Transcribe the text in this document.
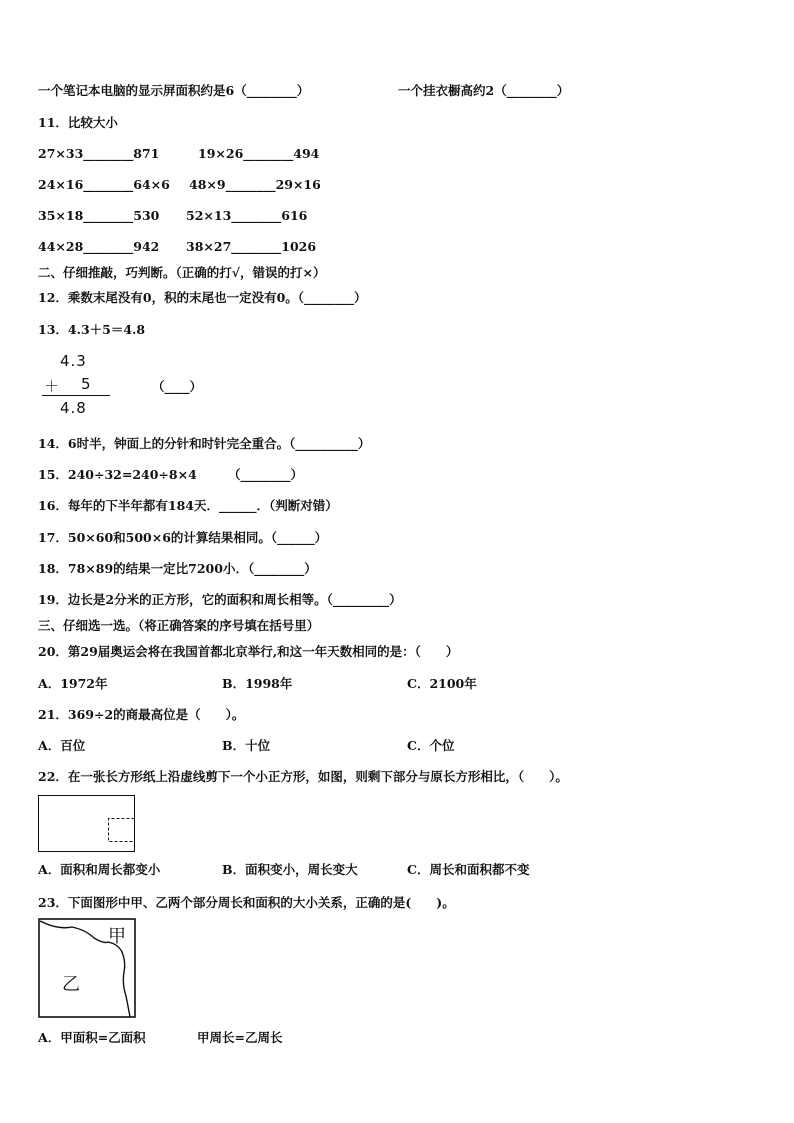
一个笔记本电脑的显示屏面积约是6（________）	一个挂衣橱高约2（________）
11．比较大小
27×33________871	19×26________494
24×16________64×6 48×9________29×16
35×18________530 52×13________616
44×28________942 38×27________1026
二、仔细推敲，巧判断。（正确的打√，错误的打×）
12．乘数末尾没有0，积的末尾也一定没有0。（________）
13．4.3＋5＝4.8
4.3
＋ 5
4.8
（____）
14．6时半，钟面上的分针和时针完全重合。（__________）
15．240÷32=240÷8×4　　　（________）
16．每年的下半年都有184天．______．（判断对错）
17．50×60和500×6的计算结果相同。（______）
18．78×89的结果一定比7200小．（________）
19．边长是2分米的正方形，它的面积和周长相等。（_________）
三、仔细选一选。（将正确答案的序号填在括号里）
20．第29届奥运会将在我国首都北京举行,和这一年天数相同的是：（　　）
A．1972年	B．1998年	C．2100年
21．369÷2的商最高位是（　　）。
A．百位	B．十位	C．个位
22．在一张长方形纸上沿虚线剪下一个小正方形，如图，则剩下部分与原长方形相比，（　　）。
A．面积和周长都变小	B．面积变小，周长变大	C．周长和面积都不变
23．下面图形中甲、乙两个部分周长和面积的大小关系，正确的是(　　)。
甲
乙
A．甲面积=乙面积	甲周长=乙周长
